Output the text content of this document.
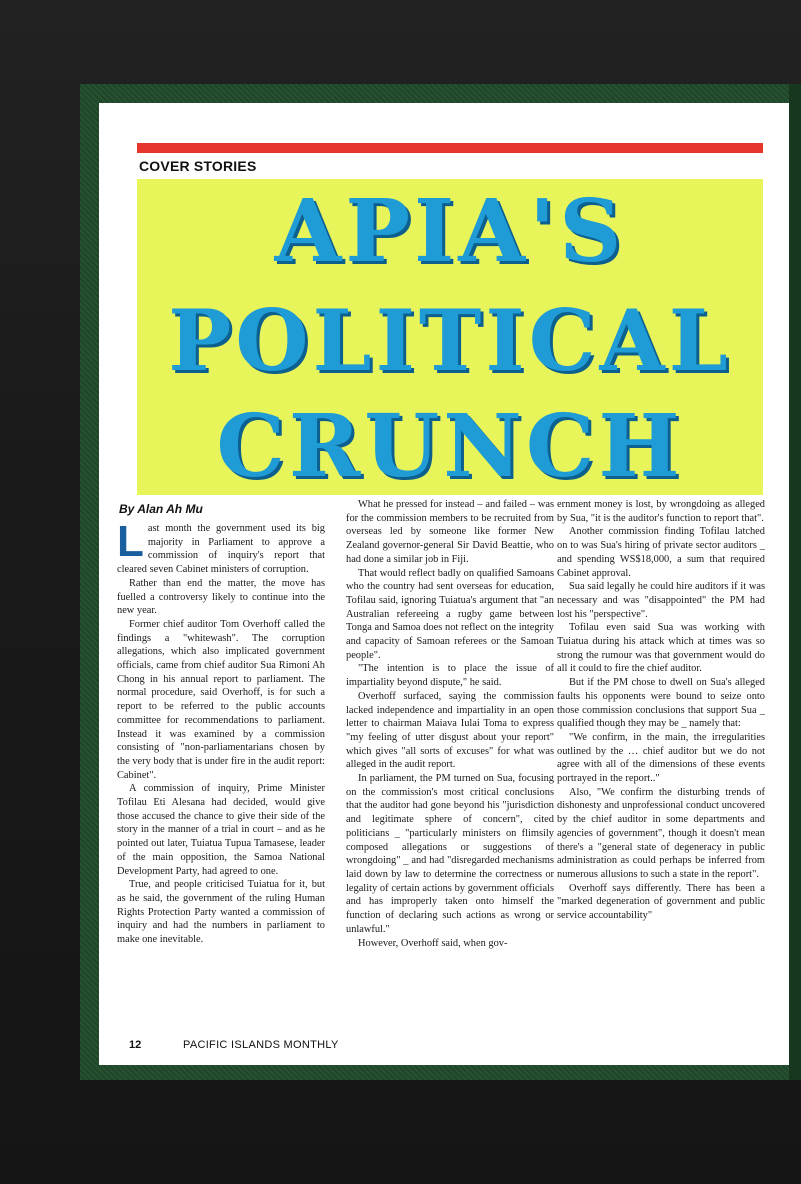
COVER STORIES
APIA'S
POLITICAL
CRUNCH
By Alan Ah Mu

Last month the government used its big majority in Parliament to approve a commission of inquiry's report that cleared seven Cabinet ministers of corruption.

Rather than end the matter, the move has fuelled a controversy likely to continue into the new year.

Former chief auditor Tom Overhoff called the findings a "whitewash". The corruption allegations, which also implicated government officials, came from chief auditor Sua Rimoni Ah Chong in his annual report to parliament. The normal procedure, said Overhoff, is for such a report to be referred to the public accounts committee for recommendations to parliament. Instead it was examined by a commission consisting of "non-parliamentarians chosen by the very body that is under fire in the audit report: Cabinet".

A commission of inquiry, Prime Minister Tofilau Eti Alesana had decided, would give those accused the chance to give their side of the story in the manner of a trial in court – and as he pointed out later, Tuiatua Tupua Tamasese, leader of the main opposition, the Samoa National Development Party, had agreed to one.

True, and people criticised Tuiatua for it, but as he said, the government of the ruling Human Rights Protection Party wanted a commission of inquiry and had the numbers in parliament to make one inevitable.

What he pressed for instead – and failed – was for the commission members to be recruited from overseas led by someone like former New Zealand governor-general Sir David Beattie, who had done a similar job in Fiji.

That would reflect badly on qualified Samoans who the country had sent overseas for education, Tofilau said, ignoring Tuiatua's argument that "an Australian refereeing a rugby game between Tonga and Samoa does not reflect on the integrity and capacity of Samoan referees or the Samoan people".

"The intention is to place the issue of impartiality beyond dispute," he said.

Overhoff surfaced, saying the commission lacked independence and impartiality in an open letter to chairman Maiava Iulai Toma to express "my feeling of utter disgust about your report" which gives "all sorts of excuses" for what was alleged in the audit report.

In parliament, the PM turned on Sua, focusing on the commission's most critical conclusions that the auditor had gone beyond his "jurisdiction and legitimate sphere of concern", cited politicians _ "particularly ministers on flimsily composed allegations or suggestions of wrongdoing" _ and had "disregarded mechanisms laid down by law to determine the correctness or legality of certain actions by government officials and has improperly taken onto himself the function of declaring such actions as wrong or unlawful."

However, Overhoff said, when gov-

ernment money is lost, by wrongdoing as alleged by Sua, "it is the auditor's function to report that".

Another commission finding Tofilau latched on to was Sua's hiring of private sector auditors _ and spending WS$18,000, a sum that required Cabinet approval.

Sua said legally he could hire auditors if it was necessary and was "disappointed" the PM had lost his "perspective".

Tofilau even said Sua was working with Tuiatua during his attack which at times was so strong the rumour was that government would do all it could to fire the chief auditor.

But if the PM chose to dwell on Sua's alleged faults his opponents were bound to seize onto those commission conclusions that support Sua _ qualified though they may be _ namely that:

"We confirm, in the main, the irregularities outlined by the … chief auditor but we do not agree with all of the dimensions of these events portrayed in the report.."

Also, "We confirm the disturbing trends of dishonesty and unprofessional conduct uncovered by the chief auditor in some departments and agencies of government", though it doesn't mean there's a "general state of degeneracy in public administration as could perhaps be inferred from numerous allusions to such a state in the report".

Overhoff says differently. There has been a "marked degeneration of government and public service accountability"

12	PACIFIC ISLANDS MONTHLY
